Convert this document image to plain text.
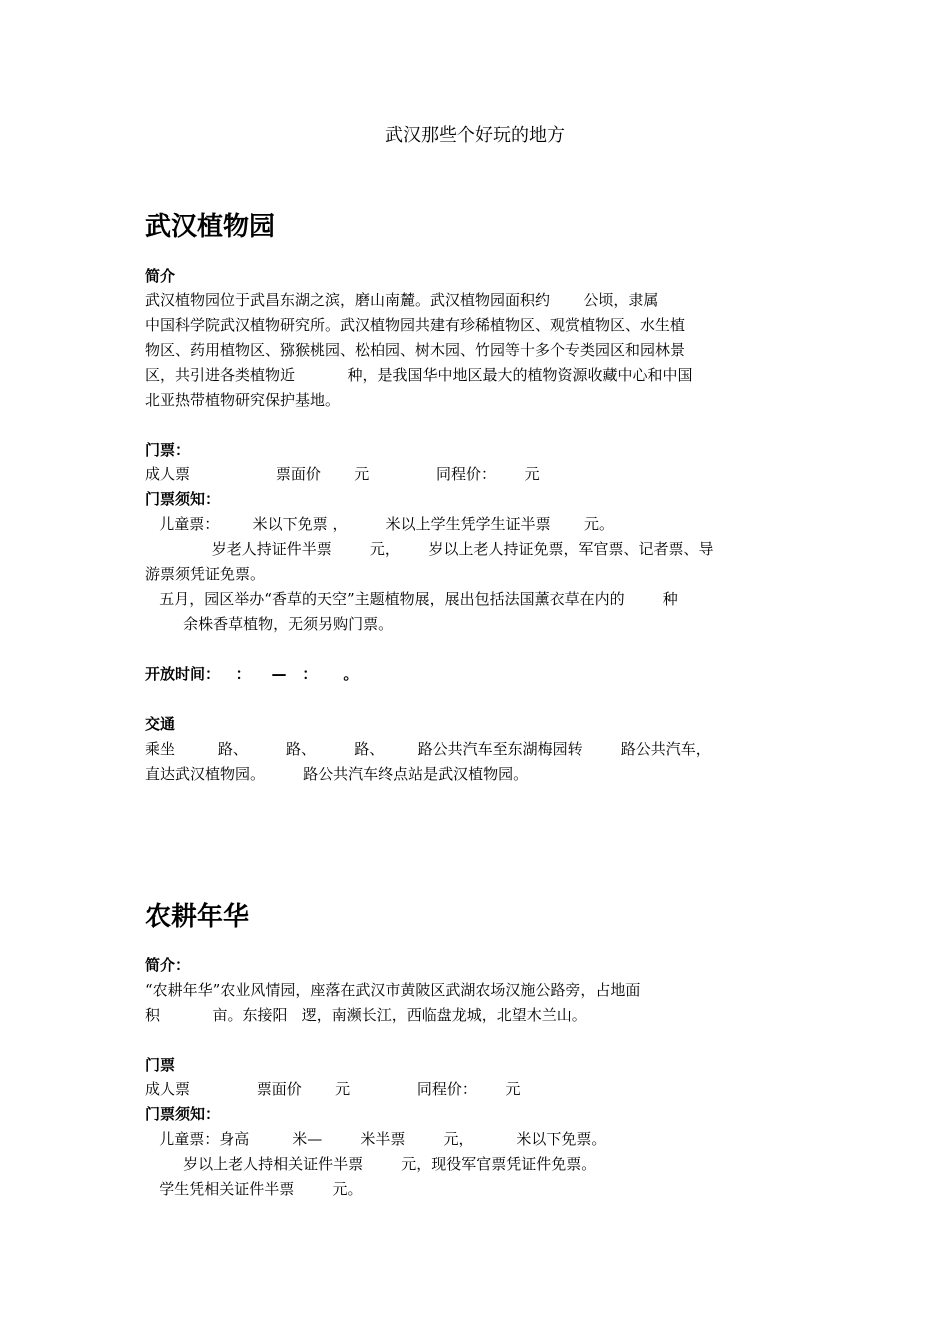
武汉那些个好玩的地方
武汉植物园
简介
武汉植物园位于武昌东湖之滨，磨山南麓。武汉植物园面积约       公顷，隶属
中国科学院武汉植物研究所。武汉植物园共建有珍稀植物区、观赏植物区、水生植
物区、药用植物区、猕猴桃园、松柏园、树木园、竹园等十多个专类园区和园林景
区，共引进各类植物近           种，是我国华中地区最大的植物资源收藏中心和中国
北亚热带植物研究保护基地。
门票：
成人票                  票面价       元              同程价：      元
门票须知：
儿童票：       米以下免票 ，        米以上学生凭学生证半票       元。
岁老人持证件半票        元，      岁以上老人持证免票，军官票、记者票、导
游票须凭证免票。
五月，园区举办“香草的天空”主题植物展，展出包括法国薰衣草在内的        种
余株香草植物，无须另购门票。
开放时间：   ：    —   ：     。
交通
乘坐         路、        路、        路、       路公共汽车至东湖梅园转        路公共汽车，
直达武汉植物园。        路公共汽车终点站是武汉植物园。
农耕年华
简介：
“农耕年华”农业风情园，座落在武汉市黄陂区武湖农场汉施公路旁，占地面
积           亩。东接阳   逻，南濒长江，西临盘龙城，北望木兰山。
门票
成人票              票面价       元              同程价：      元
门票须知：
儿童票：身高         米—        米半票        元，         米以下免票。
岁以上老人持相关证件半票        元，现役军官票凭证件免票。
学生凭相关证件半票        元。
